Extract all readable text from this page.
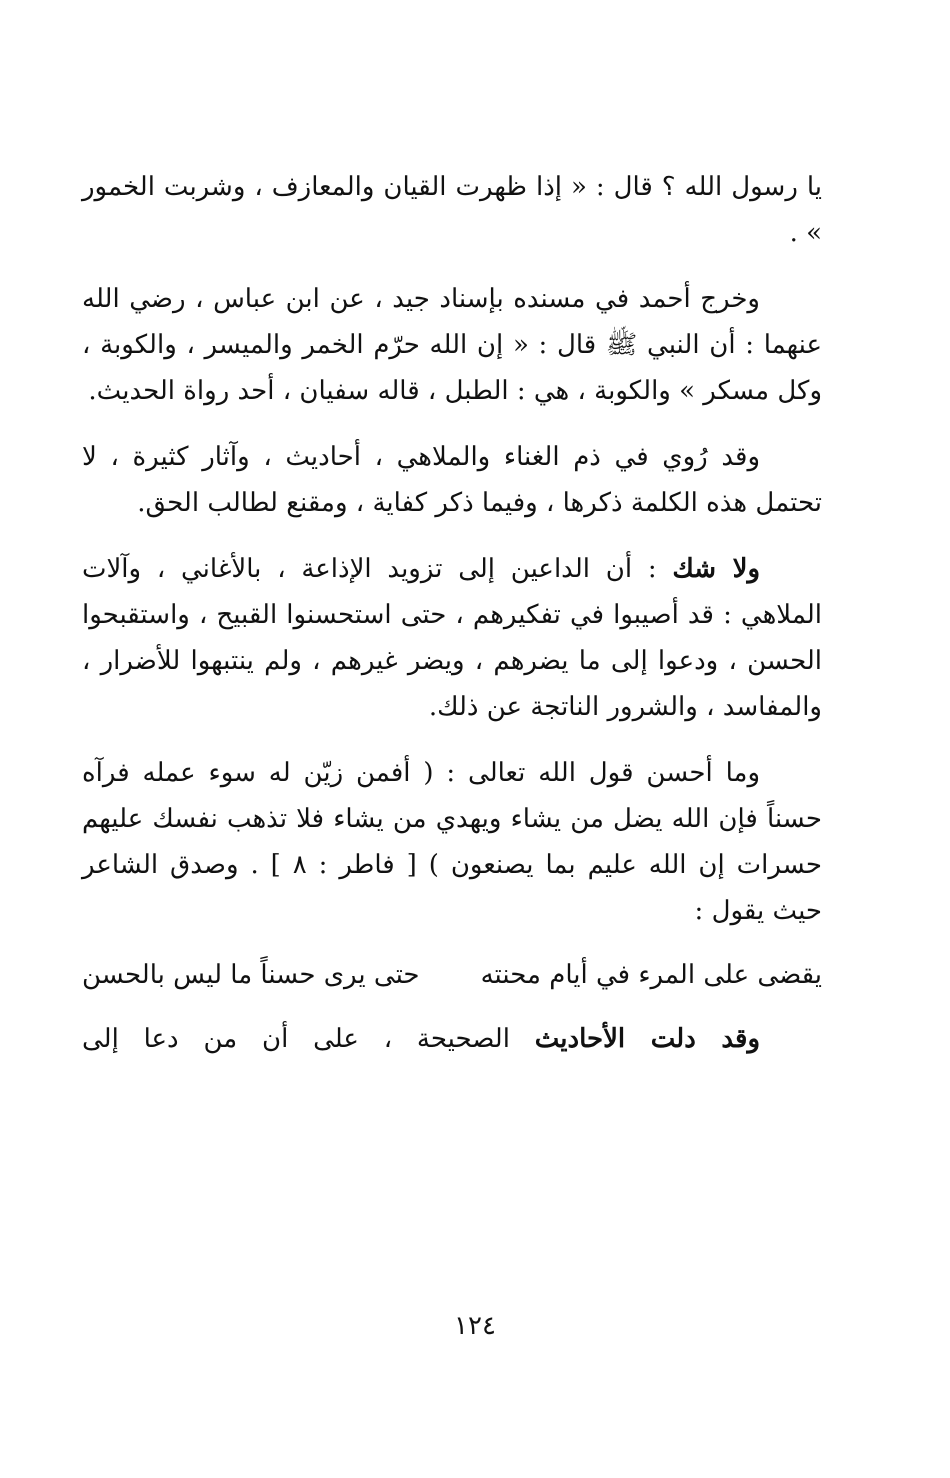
يا رسول الله ؟ قال : « إذا ظهرت القيان والمعازف ، وشربت الخمور » .

وخرج أحمد في مسنده بإسناد جيد ، عن ابن عباس ، رضي الله عنهما : أن النبي ﷺ قال : « إن الله حرّم الخمر والميسر ، والكوبة ، وكل مسكر » والكوبة ، هي : الطبل ، قاله سفيان ، أحد رواة الحديث.

وقد رُوي في ذم الغناء والملاهي ، أحاديث ، وآثار كثيرة ، لا تحتمل هذه الكلمة ذكرها ، وفيما ذكر كفاية ، ومقنع لطالب الحق.

ولا شك : أن الداعين إلى تزويد الإذاعة ، بالأغاني ، وآلات الملاهي : قد أصيبوا في تفكيرهم ، حتى استحسنوا القبيح ، واستقبحوا الحسن ، ودعوا إلى ما يضرهم ، ويضر غيرهم ، ولم ينتبهوا للأضرار ، والمفاسد ، والشرور الناتجة عن ذلك.

وما أحسن قول الله تعالى : ( أفمن زيّن له سوء عمله فرآه حسناً فإن الله يضل من يشاء ويهدي من يشاء فلا تذهب نفسك عليهم حسرات إن الله عليم بما يصنعون ) [ فاطر : ٨ ] . وصدق الشاعر حيث يقول :

يقضى على المرء في أيام محنته
حتى يرى حسناً ما ليس بالحسن

وقد دلت الأحاديث الصحيحة ، على أن من دعا إلى

١٢٤
